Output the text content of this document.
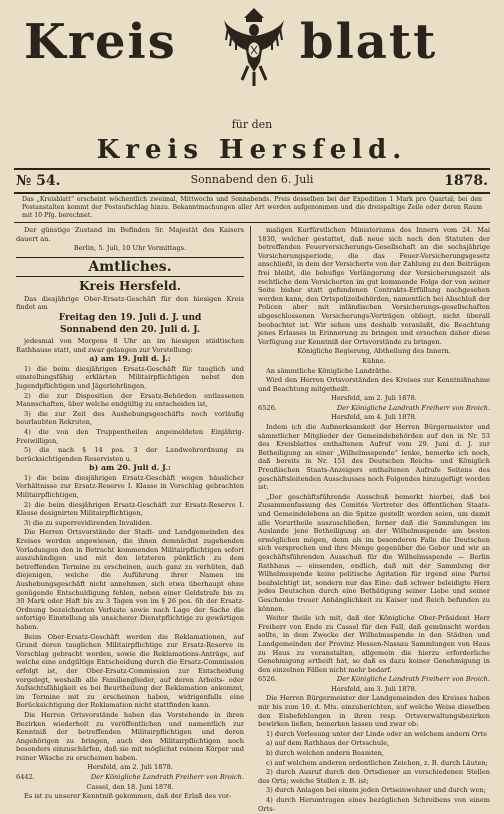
Kreis	blatt
für den
Kreis Hersfeld.
№ 54.	Sonnabend den 6. Juli	1878.
Das „Kreisblatt“ erscheint wöchentlich zweimal, Mittwochs und Sonnabends. Preis desselben bei der Expedition 1 Mark pro Quartal; bei den Postanstalten kommt der Postaufschlag hinzu. Bekanntmachungen aller Art werden aufgenommen und die dreispaltige Zeile oder deren Raum mit 10 Pfg. berechnet.

Der günstige Zustand im Befinden Sr. Majestät des Kaisers dauert an.

Berlin, 5. Juli, 10 Uhr Vormittags.

Amtliches.

Kreis Hersfeld.

Das diesjährige Ober-Ersatz-Geschäft für den hiesigen Kreis findet am

Freitag den 19. Juli d. J. und

Sonnabend den 20. Juli d. J.

jedesmal von Morgens 8 Uhr an im hiesigen städtischen Rathhause statt, und zwar gelangen zur Vorstellung:

a) am 19. Juli d. J.:

1) die beim diesjährigen Ersatz-Geschäft für tauglich und einstellungsfähig erklärten Militairpflichtigen nebst den Jugendpflichtigen und Jägerlehrlingen,

2) die zur Disposition der Ersatz-Behörden entlassenen Mannschaften, über welche endgültig zu entscheiden ist,

3) die zur Zeit des Aushebungsgeschäfts noch vorläufig beurlaubten Rekruten,

4) die von den Truppentheilen angemeldeten Einjährig-Freiwilligen,

5) die nach § 14 pos. 3 der Landwehrordnung zu berücksichtigenden Reservisten u.

b) am 20. Juli d. J.:

1) die beim diesjährigen Ersatz-Geschäft wegen häuslicher Verhältnisse zur Ersatz-Reserve I. Klasse in Vorschlag gebrachten Militairpflichtigen,

2) die beim diesjährigen Ersatz-Geschäft zur Ersatz-Reserve I. Klasse designirten Militairpflichtigen,

3) die zu superrevidirenden Invaliden.

Die Herren Ortsvorstände der Stadt- und Landgemeinden des Kreises werden angewiesen, die ihnen demnächst zugehenden Vorladungen den in Betracht kommenden Militairpflichtigen sofort auszuhändigen und mit den letzteren pünktlich zu dem betreffenden Termine zu erscheinen, auch ganz zu verhüten, daß diejenigen, welche die Auführung ihrer Namen im Aushebungsgeschäft nicht annehmen, sich etwa überhaupt ohne genügende Entschuldigung fehlen, neben einer Geldstrafe bis zu 30 Mark oder Haft bis zu 3 Tagen von im § 26 pos. 6b der Ersatz-Ordnung bezeichneten Verluste sowie nach Lage der Sache die sofortige Einstellung als unsicherer Dienstpflichtige zu gewärtigen haben.

Beim Ober-Ersatz-Geschäft werden die Reklamationen, auf Grund deren tauglichen Militairpflichtige zur Ersatz-Reserve in Vorschlag gebracht worden, sowie die Reklamations-Anträge, auf welche eine endgültige Entscheidung durch die Ersatz-Commission erfolgt ist, der Ober-Ersatz-Commission zur Entscheidung vorgelegt, weshalb alle Familienglieder, auf deren Arbeits- oder Aufsichtsfähigkeit es bei Beurtheilung der Reklamation ankommt, im Termine mit zu erscheinen haben, widrigenfalls eine Berücksichtigung der Reklamation nicht stattfinden kann.

Die Herren Ortsvorstände haben das Vorstehende in ihren Bezirken wiederholt zu veröffentlichen und namentlich zur Kenntniß der betreffenden Militairpflichtigen und deren Angehörigen zu bringen, auch den Militairpflichtigen noch besonders einzuschärfen, daß sie mit möglichst reinem Körper und reiner Wäsche zu erscheinen haben.

Hersfeld, am 2. Juli 1878.

6442.	Der Königliche Landrath Freiherr von Broich.

Cassel, den 18. Juni 1878.

Es ist zu unserer Kenntniß gekommen, daß der Erlaß des vor-

maligen Kurfürstlichen Ministeriums des Innern vom 24. Mai 1830, welcher gestattet, daß neue sich nach den Statuten der betreffenden Feuerversicherungs-Gesellschaft an die sechsjährige Versicherungsperiode, die das Feuer-Versicherungsgesetz anschließt, in dem der Versicherte von der Zahlung zu den Beiträgen frei bleibt, die behufige Verlängerung der Versicherungszeit als rechtliche dem Versicherten im gut kommende Folge der von seiner Seite bisher statt gefundenen Contrakts-Erfüllung nachgesehen werden kann, den Ortspolizeibehörden, namentlich bei Abschluß der Policen aber mit inländischen Versicherungs-gesellschaften abgeschlossenen Versicherungs-Verträgen obliegt, nicht überall beobachtet ist. Wir sehen uns deshalb veranlaßt, die Beachtung jenes Erlasses in Erinnerung zu bringen und ersuchen daher diese Verfügung zur Kenntniß der Ortsvorstände zu bringen.

Königliche Regierung, Abtheilung des Innern.

Kühne.

An sämmtliche Königliche Landräthe.

Wird den Herren Ortsvorständen des Kreises zur Kenntnißnahme und Beachtung mitgetheilt.

Hersfeld, am 2. Juli 1878.

6526.	Der Königliche Landrath Freiherr von Broich.

Hersfeld, am 4. Juli 1878.

Indem ich die Aufmerksamkeit der Herren Bürgermeister und sämmtlicher Mitglieder der Gemeindebehörden auf den in Nr. 53 des Kreisblattes enthaltenen Aufruf vom 29. Juni d. J. zur Betheiligung an einer „Wilhelmsspende“ lenke, bemerke ich noch, daß bereits in Nr. 151 des Deutschen Reichs- und Königlich Preußischen Staats-Anzeigers enthaltenen Aufrufe Seitens des geschäftsleitenden Ausschusses noch Folgendes hinzugefügt worden ist:

„Der geschäftsführende Ausschuß bemerkt hierbei, daß bei Zusammenfassung des Comités Vertreter des öffentlichen Staats- und Gemeindelebens an die Spitze gestellt worden seien, um damit alle Vorurtheile auszuschließen, ferner daß die Sammlungen im Auslande jene Betheiligung an der Wilhelmsspende am besten ermöglichen mögen, denn als im besonderen Falle die Deutschen sich versprechen und ihre Menge gegenüber die Geber und wir an geschäftsführenden Ausschuß für die Wilhelmsspende — Berlin Rathhaus — einsenden, endlich, daß mit der Sammlung der Wilhelmsspende keine politische Agitation für irgend eine Partei beabsichtigt ist, sondern nur das Eine: daß schwer beleidigte Herz jedes Deutschen durch eine Bethätigung seiner Liebe und seiner Geschenke treuer Anhänglichkeit zu Kaiser und Reich befunden zu können.

Weiter theile ich mit, daß der Königliche Ober-Präsident Herr Freiherr von Ende zu Cassel für den Fall, daß gemünscht werden sollte, in dem Zwecke der Wilhelmsspende in den Städten und Landgemeinden der Provinz Hessen-Nassau Sammlungen von Haus zu Haus zu veranstalten, allgemein die hierzu erforderliche Genehmigung ertheilt hat, so daß es dazu keiner Genehmigung in den einzelnen Fällen nicht mehr bedarf.

6526.	Der Königliche Landrath Freiherr von Broich.

Hersfeld, am 3. Juli 1878.

Die Herren Bürgermeister der Landgemeinden des Kreises haben mir bis zum 10. d. Mts. einzuberichten, auf welche Weise dieselben den Eisbefehlungen in ihren resp. Ortsverwaltungsbezirken bewirken ließen, bemerken lassen und zwar ob:

1) durch Vorlesung unter der Linde oder an welchem andern Orte

a) auf dem Rathhaus der Ortsschule,

b) durch welchen andern Beamten,

c) auf welchem anderen ordentlichen Zeichen, z. B. durch Läuten;

2) durch Ausruf durch den Ortsdiener an verschiedenen Stellen des Orts; welche Stellen z. B. ist;

3) durch Anlagen bei einem jeden Ortseinwohner und durch wen;

4) durch Herumtragen eines bezüglichen Schreibens von einem Orts-
